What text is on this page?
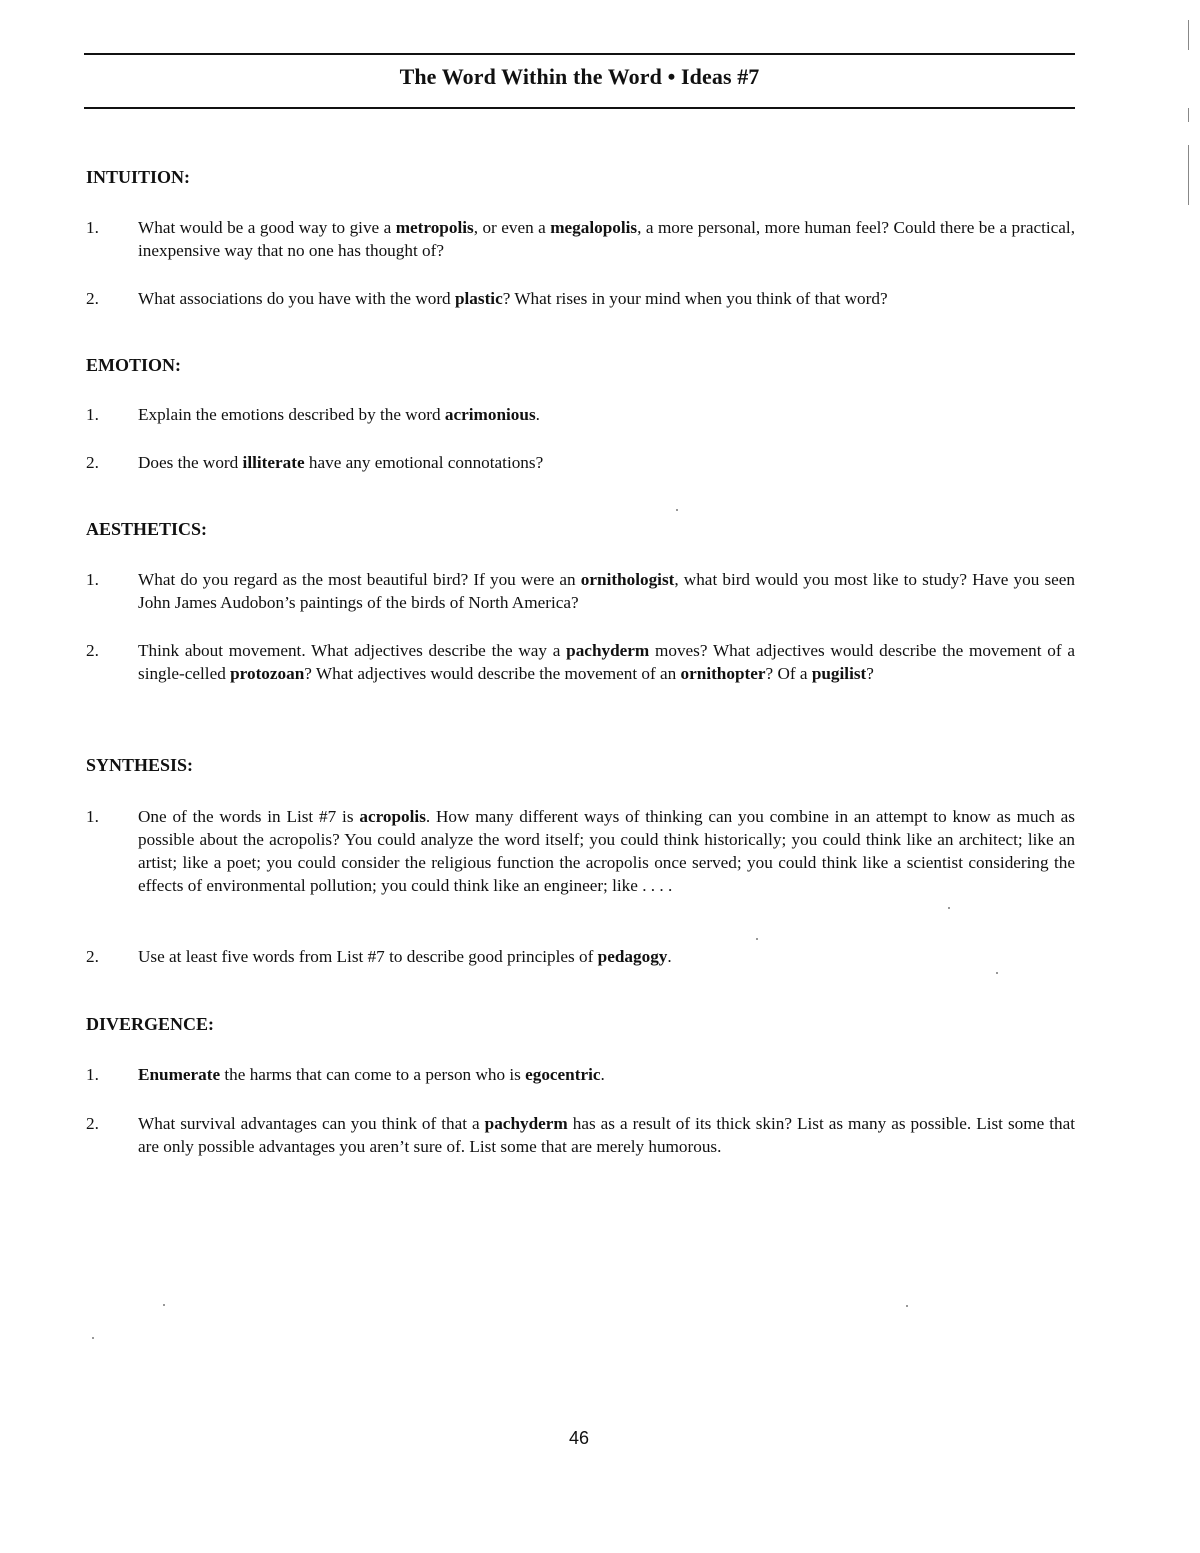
The Word Within the Word • Ideas #7
INTUITION:
1.	What would be a good way to give a metropolis, or even a megalopolis, a more personal, more human feel? Could there be a practical, inexpensive way that no one has thought of?
2.	What associations do you have with the word plastic? What rises in your mind when you think of that word?
EMOTION:
1.	Explain the emotions described by the word acrimonious.
2.	Does the word illiterate have any emotional connotations?
AESTHETICS:
1.	What do you regard as the most beautiful bird? If you were an ornithologist, what bird would you most like to study? Have you seen John James Audobon’s paintings of the birds of North America?
2.	Think about movement. What adjectives describe the way a pachyderm moves? What adjectives would describe the movement of a single-celled protozoan? What adjectives would describe the movement of an ornithopter? Of a pugilist?
SYNTHESIS:
1.	One of the words in List #7 is acropolis. How many different ways of thinking can you combine in an attempt to know as much as possible about the acropolis? You could analyze the word itself; you could think historically; you could think like an architect; like an artist; like a poet; you could consider the religious function the acropolis once served; you could think like a scientist considering the effects of environmental pollution; you could think like an engineer; like . . . .
2.	Use at least five words from List #7 to describe good principles of pedagogy.
DIVERGENCE:
1.	Enumerate the harms that can come to a person who is egocentric.
2.	What survival advantages can you think of that a pachyderm has as a result of its thick skin? List as many as possible. List some that are only possible advantages you aren’t sure of. List some that are merely humorous.
46
